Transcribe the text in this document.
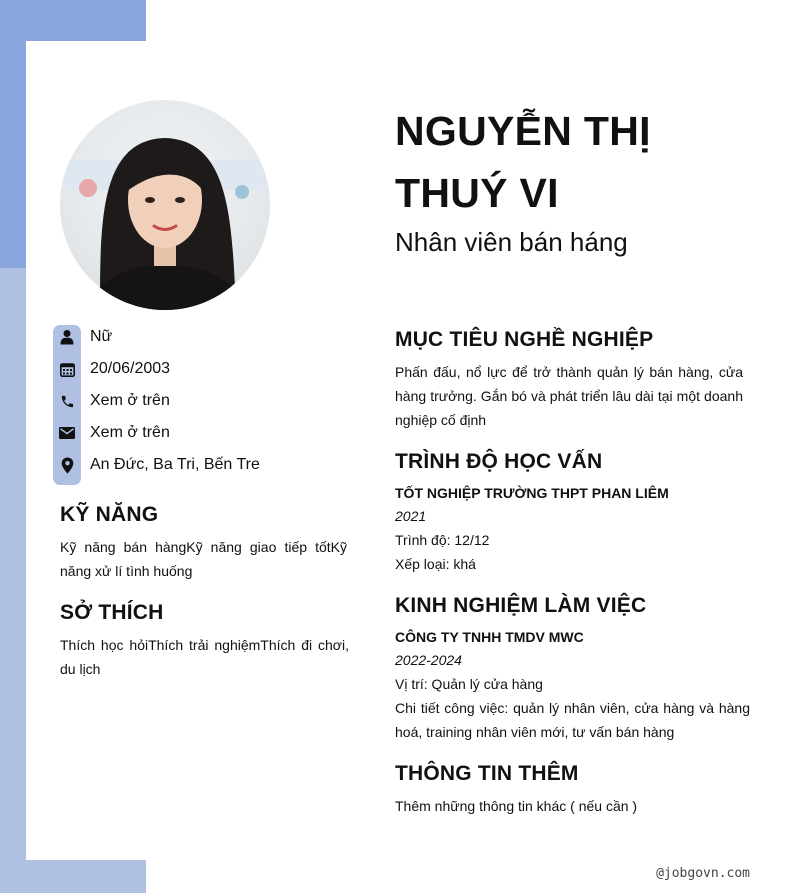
NGUYỄN THỊ
THUÝ VI
Nhân viên bán háng
Nữ
20/06/2003
Xem ở trên
Xem ở trên
An Đức, Ba Tri, Bến Tre
KỸ NĂNG
Kỹ năng bán hàngKỹ năng giao tiếp tốtKỹ năng xử lí tình huống
SỞ THÍCH
Thích học hỏiThích trải nghiệmThích đi chơi, du lịch
MỤC TIÊU NGHỀ NGHIỆP
Phấn đấu, nổ lực để trở thành quản lý bán hàng, cửa hàng trưởng. Gắn bó và phát triển lâu dài tại một doanh nghiệp cố định
TRÌNH ĐỘ HỌC VẤN
TỐT NGHIỆP TRƯỜNG THPT PHAN LIÊM
2021
Trình độ: 12/12
Xếp loại: khá
KINH NGHIỆM LÀM VIỆC
CÔNG TY TNHH TMDV MWC
2022-2024
Vị trí: Quản lý cửa hàng
Chi tiết công việc: quản lý nhân viên, cửa hàng và hàng hoá, training nhân viên mới, tư vấn bán hàng
THÔNG TIN THÊM
Thêm những thông tin khác ( nếu cần )
@jobgovn.com
